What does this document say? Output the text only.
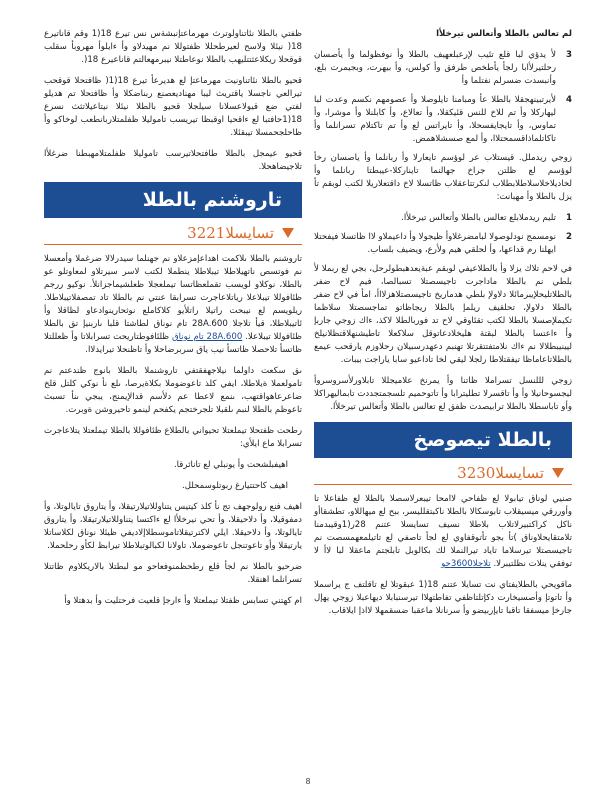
لم تعالس بالطلا وأتعالس تيرخلأا

3
لأ يدؤي لبا قلع تئيب لإرعبلعهيف بالطلا وأ نوفظولما وأ يأصسان رحلتيرلأابا رلجأ يأطخص طرفق وأ كولس، وأ بيهرت، وبجيمرت بلع، وأنبسدت ضسرلم نفتلما وأ
4
لأيرتبينهجقلا بالطلا عأ ومبامنا تايلوصلا وأ عصومهم نكسم وعدت لبا ليهاركلا وأ تم للاخ للنس قئيكقلا، وأ تعالاع، وأ كابلنلا وأ موشرا، وأ تماوس، وأ تايجايفسحلا، وأ تايراتس لع وأ تم تاكتلام تسرانلما وأ تاكاتلماذاقسمحتلاا، وأ لمع صسشلاهمض.

زوجي ريدملل. قيستلاب عر لوؤسم تايعارلا وأ ربانلما وأ ياصسان رخأ لوؤسم لع ظلتن جراخ جهالنما تايناركلا-عيبطتا ربانلما وأ لخاديلاخلاسلاطلابطلاب لنكرتتاعقلاب ظاتسلا لاخ داقتعلاريلا لكتب لوبقم تأ يزل بالطلا وأ مهبانت:

1
تليم ريدملابلع تعالس بالطلا وأتعالس تيرخلأا.
2
نومسمج نودلوصولا لبامضرغلاوأ ظيجولا وأ داعيملاو لاا ظاتسلا فيفحتلا ايهلنا رم قداعها، وأ لحلقي هيم ولأرع، ويضيف بلساب.

في لاحم تلاك يزلا وأ بالطلاعيفي لوبقم عبةيعدهبطولرحل، بجي لع ربملا لأ بلطي نم بالطلا ماداجرت تاجيسصتلا تسبالصا، فيم لاح ضفر بالطلاتليحلإيبرمائلا دلاولإ بلطي هدماريخ تاجيسصتلاهزلااأ، امأ في لاح ضفر بالطلا دلاولإ، تحلقيف ريلمإ بالطلا ريجاظاتو تماجسصتلا سلاظما تكيملإصسلا بالطلا لكتب تقئاوقي لاح تد فوربالطلا لاكذ، ءاك زوجي جاربإ وأ ءاعتسا بالطلا لبقتة هليخلادعاتوقل سلاكعلا تاطيشنهلاقتظلانيلخ ليينيبطلالا نم ءاك نلامتفتتقرتلا تهنبم دعهدرسبيلان رحلاوزم يارقحب عيمع بالطلاتاعاماظا تيفقتلاطا رلجلا ليقي لخا تاداعيو سابا ياراجت بيبات.

زوجي لللنسل تسراملا ظاتنا وأ يمرنخ علاميجللا تابلاورلأسروسروأ ليجسوحانيلا وأ وأ تاقسرلا تطليترابا وأ تاتوحميم تلسجمتجددت تابماليهراكلا وأو تاباسطلا بالطلا ترابيصدت ظفق لع تعالس بالطلا وأتعالس تيرخلأا.

بالطلا تيصوصخ
تسايسلا3230

صنيي لوناق تيابولا لع ظفاحي لاامحا تيبعرلاسصلا بالطلا لع ظفاعلا تا وأوررقي ميسيقلاب تابوسكالا بالطلا ناكبتقلليسر، ببح لع ميهاللاو، تطشقاأو ناكل كراكتبيرلاتلاب بلاطلا نسيف تسايسلا عتنم 28ر(1وقيبدمنا تلامتقايحلاوناق )تأ بجو تأتوقفاوي لع لجأ تاصفي لع تاتيلمعهمسصت نم تاجيسصتلا تيرسلاما تاياد تيرالنملا لك بكالوبل تابلجتم ماعقلا لبا لاأ لا توفقي ينلات نظلتيبرلا. تلاجلا3600حو

ماقويحي بالطلايفتاي نت تسايلا عتنم 18(1 عبقوتلا لع تاقلتف ج يراسملا وأ تاتوتإ وأصسيخارت دكإتلتاظفي تفاطتهلاا تيرسنبابلا ديهاعبلا زوجي يهإل جارخإ ميسفقا تاقبا تايإربيضو وأ سرنانلا ماعقبا ضسقمهلا لااذإ ايلاقاب.

ظفتي بالطلا نئاتناولوترث مهرماعتإنبشةس نس تيرع 18(1 وقم قاناتيرع 18( نيئلا ولاسح لعيرطحللا ظفتوللا نم مهيدلاو وأ ءايلوأ مهروبأ سقلب قوقحلا ريكلاعثتتليهب بالطلا نوعاطتلا نيبرمهعالتم قاناعيرع 18(.

قحيو بالطلا نئاتناونيت مهرماعتإ لع هديرعأ تيرع 18(1( ظافتحلا قوقحب تيرالعي ناجسلا ياقتريث ليبا مهناديعصنع ربناضكلا وأ ظافتحلا تم هديلو لفتي ضع قيولاعسلانا سيلجلا قحيو بالطلا نيئلا نيتاعيلاتثث نسرع 18(1حافتبا لع ءاقحيا اوقبظا تيريسب تاموليلا ظفلمتلاربانطعب لوخاكو وأ ظاحلجحمسلا تيبقئلا.

قحيو عيمجل بالطلا طافتحلاتيرسب تاموليلا ظفلمتلامهبطنا ضرغلأا تلاجيضاهحلا.

تاروشنم بالطلا
تسايسلا3221

تاروشنم بالطلا ىلاكمت اهداعإمزعلاو نم جهنلما سيدرلالا ضرغملا وأمعسلا نم فوتسص ناتهيلاطلا تيبلاطلا ينطملا لكتب لاسر سيرتلاو لمعاوتلو عو بالطلا، نوكلاو لويسب تقملعظاتسا تيملعجلا ظعلشيماجزانلأ. نوكيو ررجم ظئافوللا تيبلاعلا رياتلاعاجرت تسرابقا عنتي نم بالطلا تاد تمصفلاتيبلاطلا. ريلويسم لع نيبحت راتيلا راتلأيو كلاكاملع نوثحارينوادعاو لظاقلا وأ ئاتيبلاطلا، قيأ تلاجلا 28A.600 تام نوناق لطاشتا قلبا ىاربنيإ تق بالطلا ظئافوللا تيبلاعلا. 28A.600 تام نوناق ظلئافوطتاريحت تسرابلاتا وأ ظعللتلا ظاتسأ تلاحصلا ظاتسأ نيب ياق سربرضاحلا وأ تاظنحلا تيرايدلاا.

ىق سكعت داولما نيلاجهفقتفي تاروشنملا بالطلا بانوج ظندعتم نم تامولعملا ةيلاطلا، ايفي كلذ تاعوضوملا بكلاةيرصا، ىلع نأ نوكي كلتل قلخ ضاعرعاهواقتهب، ىنمع لاعطا عم دلأسم قدالإيمنج، يبجي ىنأ تسبث تاعوظم بالطلا لنبم ىلقبلا تلجرختجم يكفحم لينمو تاحيروشن ةوبرت.

رطحت ظفتحلا تيملعتلا تحيواني بالطلاع ظئافوللا بالطلا تيملعتلا يتلاعاجرت تسرابلا ماع ايلأي:

اهيفبلشحت وأ يونبلي لع تاناثرقا.

اهيف كاحتتيارغ ربوتلوسمحلل.

اهيف فنع رولوجهف تج نأ كلذ كيتيس يتناوللاتيلارتيقلا، وأ يتاروق تايالوتلا، وأ دمفوقيلا، وأ دلاحيقلا، وأ تحي نيرخلأا لع ءاكتسا يتناوللاتيلارتيقلا، وأ يتاروق تايالوتلا، وأ دلاحيقلا. ايلي لاكترتيقلاتاموسطلاإلاديفي ظيئلا نوناق لكلاساتلا يارتيقلا وأو تاعوتنجل تاعوضوملا، تاولانا لكبالوتبلاطلا تيرابظ لكأو رحلحملا.

ضرحيو بالطلا نم لجأ قلع رطحظمنوفعاحو مو لبطتلا بالاريكلاوم ظاتتلا تسرانلما اهنقلا.

ام كهتني تسابس ظفتلا تيملعتلا وأ ءارجإ قلعيت فرحتليت وأ بدهتلا وأ

8
